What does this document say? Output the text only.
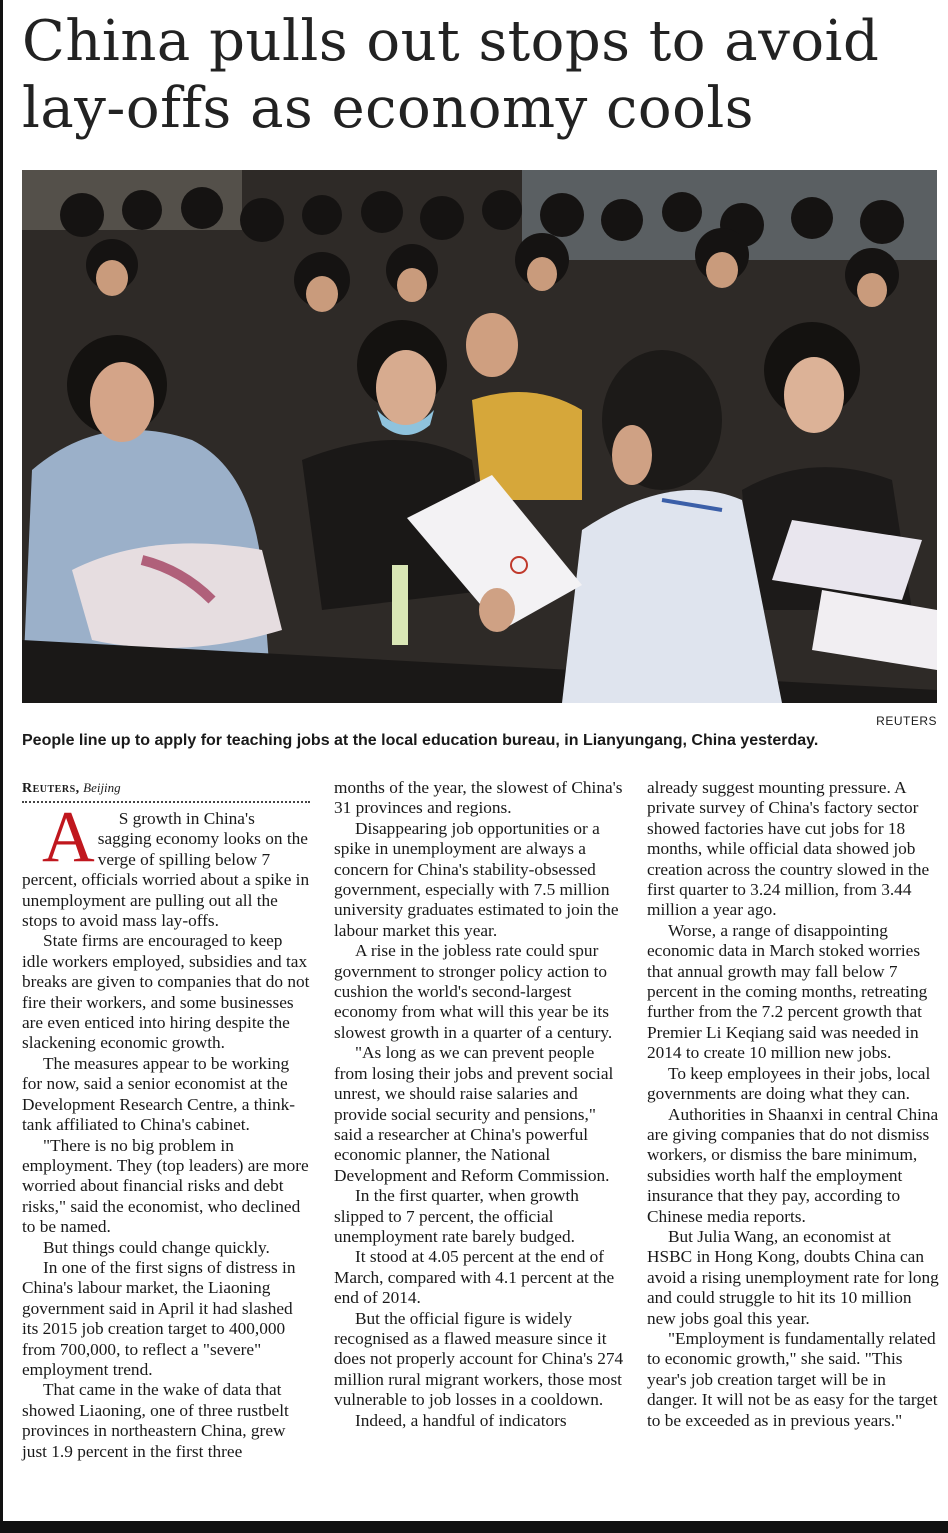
China pulls out stops to avoid
lay-offs as economy cools
REUTERS
People line up to apply for teaching jobs at the local education bureau, in Lianyungang, China yesterday.
Reuters, Beijing

A S growth in China's sagging economy looks on the verge of spilling below 7 percent, officials worried about a spike in unemployment are pulling out all the stops to avoid mass lay-offs.

State firms are encouraged to keep idle workers employed, subsidies and tax breaks are given to companies that do not fire their workers, and some businesses are even enticed into hiring despite the slackening economic growth.

The measures appear to be working for now, said a senior economist at the Development Research Centre, a think-tank affiliated to China's cabinet.

"There is no big problem in employment. They (top leaders) are more worried about financial risks and debt risks," said the economist, who declined to be named.

But things could change quickly.

In one of the first signs of distress in China's labour market, the Liaoning government said in April it had slashed its 2015 job creation target to 400,000 from 700,000, to reflect a "severe" employment trend.

That came in the wake of data that showed Liaoning, one of three rustbelt provinces in northeastern China, grew just 1.9 percent in the first three

months of the year, the slowest of China's 31 provinces and regions.

Disappearing job opportunities or a spike in unemployment are always a concern for China's stability-obsessed government, especially with 7.5 million university graduates estimated to join the labour market this year.

A rise in the jobless rate could spur government to stronger policy action to cushion the world's second-largest economy from what will this year be its slowest growth in a quarter of a century.

"As long as we can prevent people from losing their jobs and prevent social unrest, we should raise salaries and provide social security and pensions," said a researcher at China's powerful economic planner, the National Development and Reform Commission.

In the first quarter, when growth slipped to 7 percent, the official unemployment rate barely budged.

It stood at 4.05 percent at the end of March, compared with 4.1 percent at the end of 2014.

But the official figure is widely recognised as a flawed measure since it does not properly account for China's 274 million rural migrant workers, those most vulnerable to job losses in a cooldown.

Indeed, a handful of indicators

already suggest mounting pressure. A private survey of China's factory sector showed factories have cut jobs for 18 months, while official data showed job creation across the country slowed in the first quarter to 3.24 million, from 3.44 million a year ago.

Worse, a range of disappointing economic data in March stoked worries that annual growth may fall below 7 percent in the coming months, retreating further from the 7.2 percent growth that Premier Li Keqiang said was needed in 2014 to create 10 million new jobs.

To keep employees in their jobs, local governments are doing what they can.

Authorities in Shaanxi in central China are giving companies that do not dismiss workers, or dismiss the bare minimum, subsidies worth half the employment insurance that they pay, according to Chinese media reports.

But Julia Wang, an economist at HSBC in Hong Kong, doubts China can avoid a rising unemployment rate for long and could struggle to hit its 10 million new jobs goal this year.

"Employment is fundamentally related to economic growth," she said. "This year's job creation target will be in danger. It will not be as easy for the target to be exceeded as in previous years."
